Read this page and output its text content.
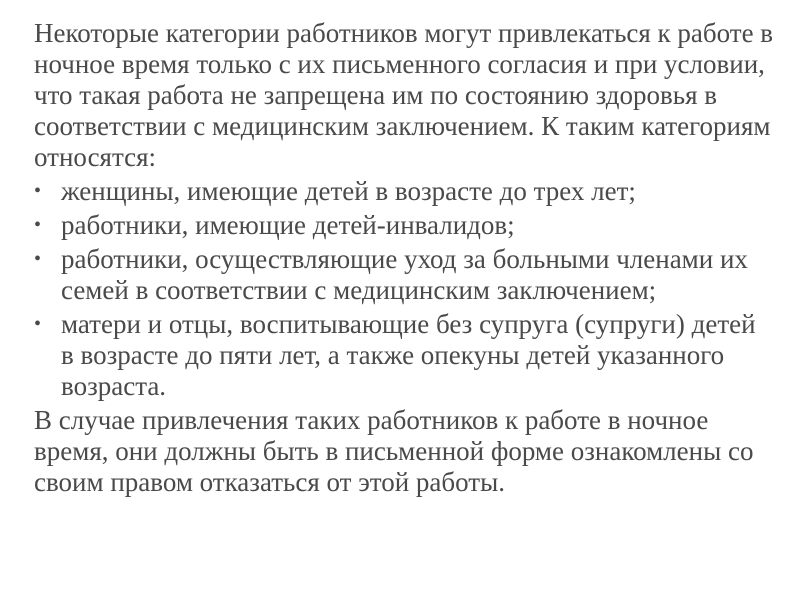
Некоторые категории работников могут привлекаться к работе в ночное время только с их письменного согласия и при условии, что такая работа не запрещена им по состоянию здоровья в соответствии с медицинским заключением. К таким категориям относятся:

• женщины, имеющие детей в возрасте до трех лет;
• работники, имеющие детей-инвалидов;
• работники, осуществляющие уход за больными членами их семей в соответствии с медицинским заключением;
• матери и отцы, воспитывающие без супруга (супруги) детей в возрасте до пяти лет, а также опекуны детей указанного возраста.

В случае привлечения таких работников к работе в ночное время, они должны быть в письменной форме ознакомлены со своим правом отказаться от этой работы.
